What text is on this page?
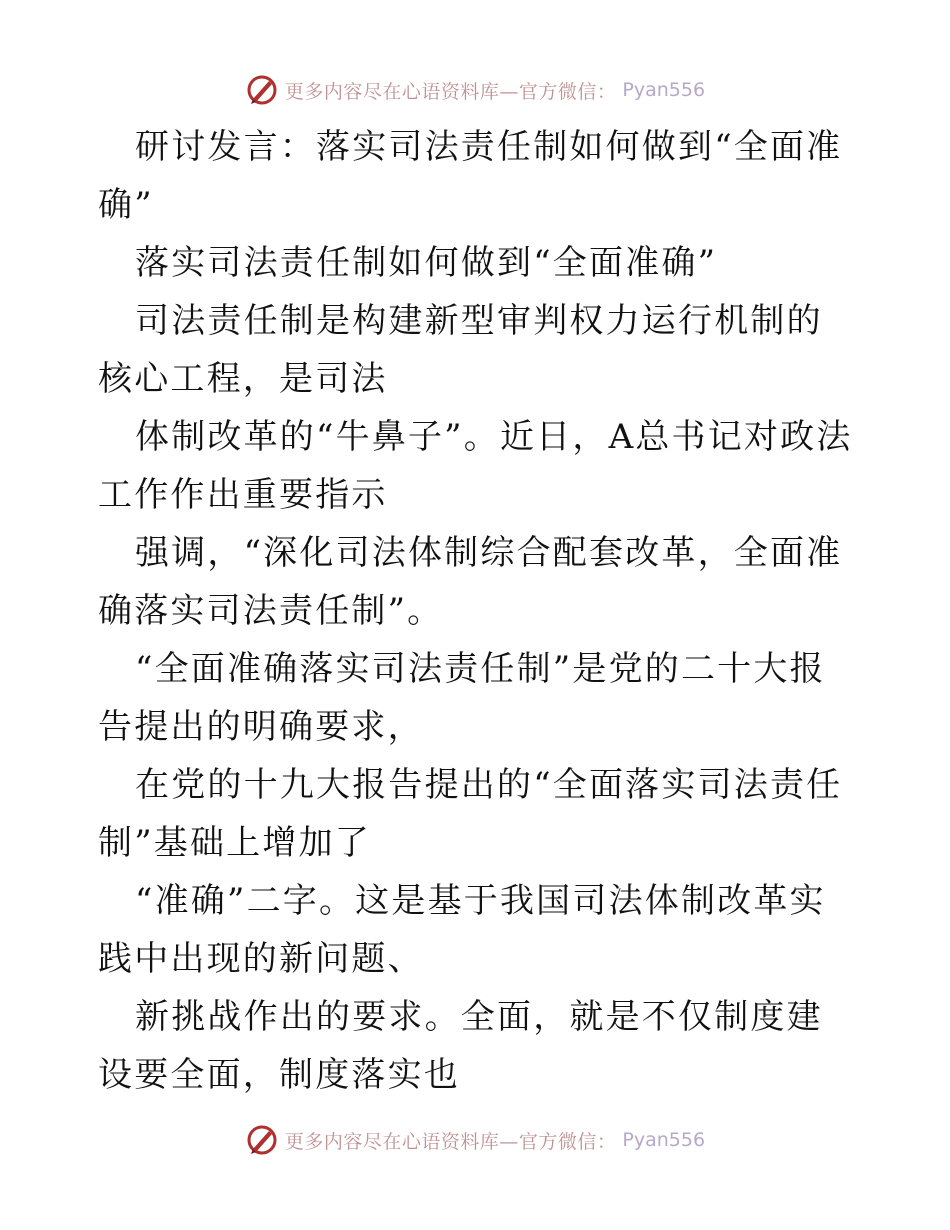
更多内容尽在心语资料库—官方微信： Pyan556

研讨发言：落实司法责任制如何做到“全面准确”

落实司法责任制如何做到“全面准确”

司法责任制是构建新型审判权力运行机制的核心工程，是司法

体制改革的“牛鼻子”。近日，A总书记对政法工作作出重要指示

强调，“深化司法体制综合配套改革，全面准确落实司法责任制”。

“全面准确落实司法责任制”是党的二十大报告提出的明确要求，

在党的十九大报告提出的“全面落实司法责任制”基础上增加了

“准确”二字。这是基于我国司法体制改革实践中出现的新问题、

新挑战作出的要求。全面，就是不仅制度建设要全面，制度落实也

更多内容尽在心语资料库—官方微信： Pyan556
